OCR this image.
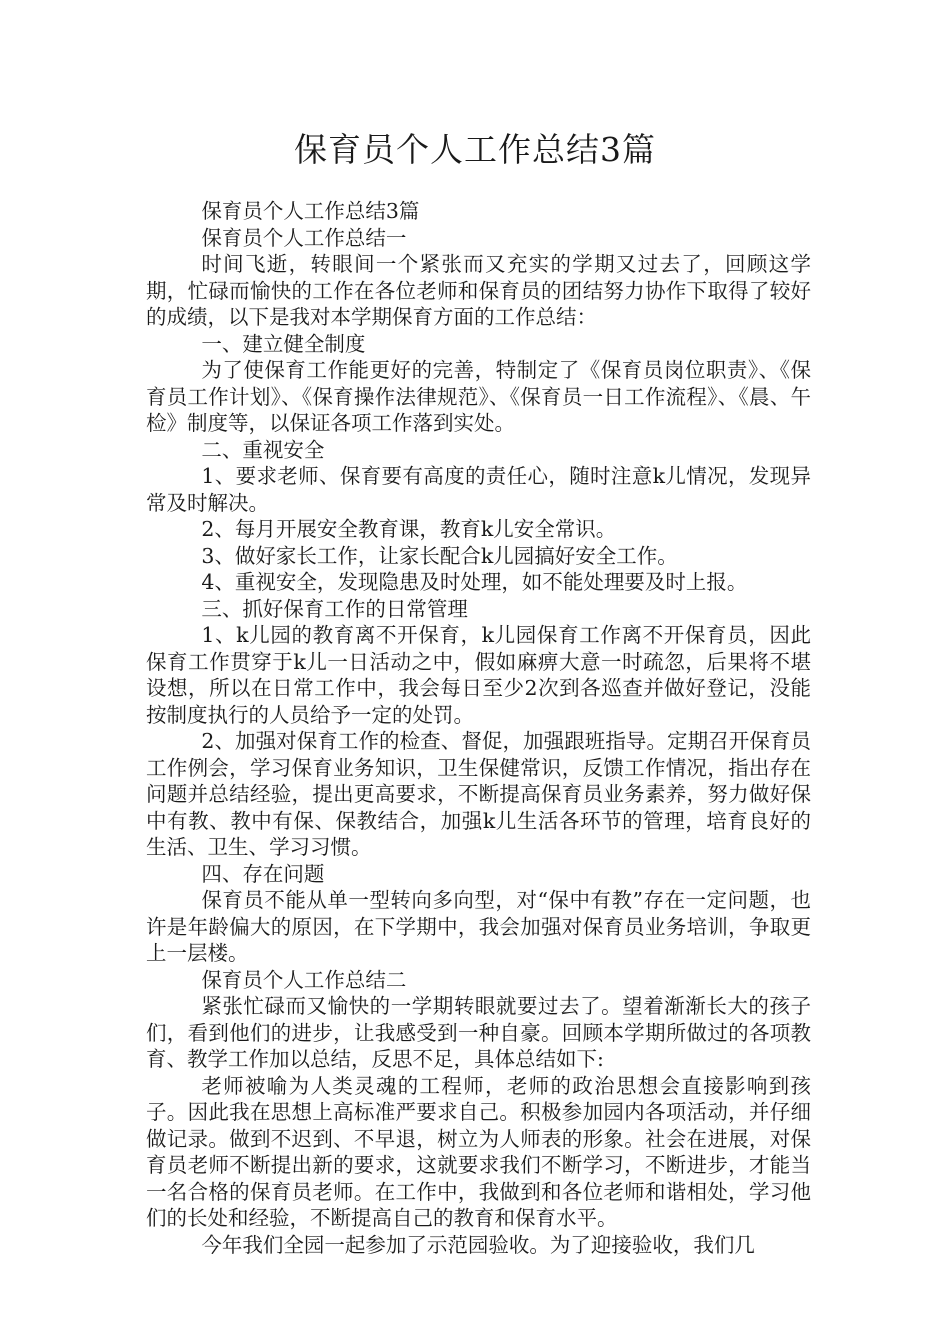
保育员个人工作总结3篇

保育员个人工作总结3篇

保育员个人工作总结一

时间飞逝，转眼间一个紧张而又充实的学期又过去了，回顾这学期，忙碌而愉快的工作在各位老师和保育员的团结努力协作下取得了较好的成绩，以下是我对本学期保育方面的工作总结：

一、建立健全制度

为了使保育工作能更好的完善，特制定了《保育员岗位职责》、《保育员工作计划》、《保育操作法律规范》、《保育员一日工作流程》、《晨、午检》制度等，以保证各项工作落到实处。

二、重视安全

1、要求老师、保育要有高度的责任心，随时注意k儿情况，发现异常及时解决。

2、每月开展安全教育课，教育k儿安全常识。

3、做好家长工作，让家长配合k儿园搞好安全工作。

4、重视安全，发现隐患及时处理，如不能处理要及时上报。

三、抓好保育工作的日常管理

1、k儿园的教育离不开保育，k儿园保育工作离不开保育员，因此保育工作贯穿于k儿一日活动之中，假如麻痹大意一时疏忽，后果将不堪设想，所以在日常工作中，我会每日至少2次到各巡查并做好登记，没能按制度执行的人员给予一定的处罚。

2、加强对保育工作的检查、督促，加强跟班指导。定期召开保育员工作例会，学习保育业务知识，卫生保健常识，反馈工作情况，指出存在问题并总结经验，提出更高要求，不断提高保育员业务素养，努力做好保中有教、教中有保、保教结合，加强k儿生活各环节的管理，培育良好的生活、卫生、学习习惯。

四、存在问题

保育员不能从单一型转向多向型，对“保中有教”存在一定问题，也许是年龄偏大的原因，在下学期中，我会加强对保育员业务培训，争取更上一层楼。

保育员个人工作总结二

紧张忙碌而又愉快的一学期转眼就要过去了。望着渐渐长大的孩子们，看到他们的进步，让我感受到一种自豪。回顾本学期所做过的各项教育、教学工作加以总结，反思不足，具体总结如下:

老师被喻为人类灵魂的工程师，老师的政治思想会直接影响到孩子。因此我在思想上高标准严要求自己。积极参加园内各项活动，并仔细做记录。做到不迟到、不早退，树立为人师表的形象。社会在进展，对保育员老师不断提出新的要求，这就要求我们不断学习，不断进步，才能当一名合格的保育员老师。在工作中，我做到和各位老师和谐相处，学习他们的长处和经验，不断提高自己的教育和保育水平。

今年我们全园一起参加了示范园验收。为了迎接验收，我们几
